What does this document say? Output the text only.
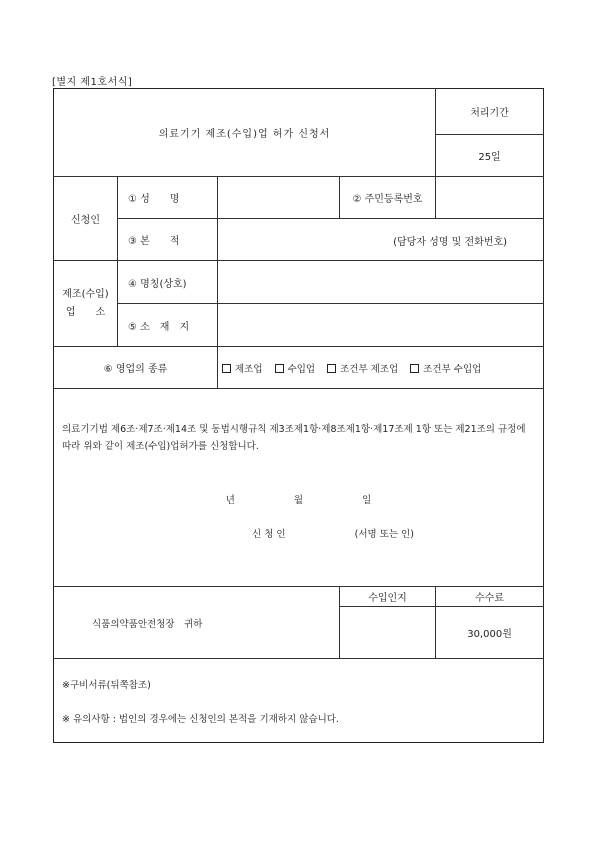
[별지 제1호서식]
의료기기 제조(수입)업 허가 신청서				처리기간
				25일
신청인	① 성　　명		② 주민등록번호	
	③ 본　　적	(담당자 성명 및 전화번호)		

제조(수입)
업　　소	④ 명칭(상호)			
	⑤ 소　재　지			
⑥ 영업의 종류		제조업 수입업 조건부 제조업 조건부 수입업		

의료기기법 제6조·제7조·제14조 및 동법시행규칙 제3조제1항·제8조제1항·제17조제 1항 또는 제21조의 규정에 따라 위와 같이 제조(수입)업허가를 신청합니다.
년 월 일
신 청 인 (서명 또는 인)				

식품의약품안전청장　귀하			수입인지	수수료
				30,000원

※구비서류(뒤쪽참조)
※ 유의사항 : 법인의 경우에는 신청인의 본적을 기재하지 않습니다.				
